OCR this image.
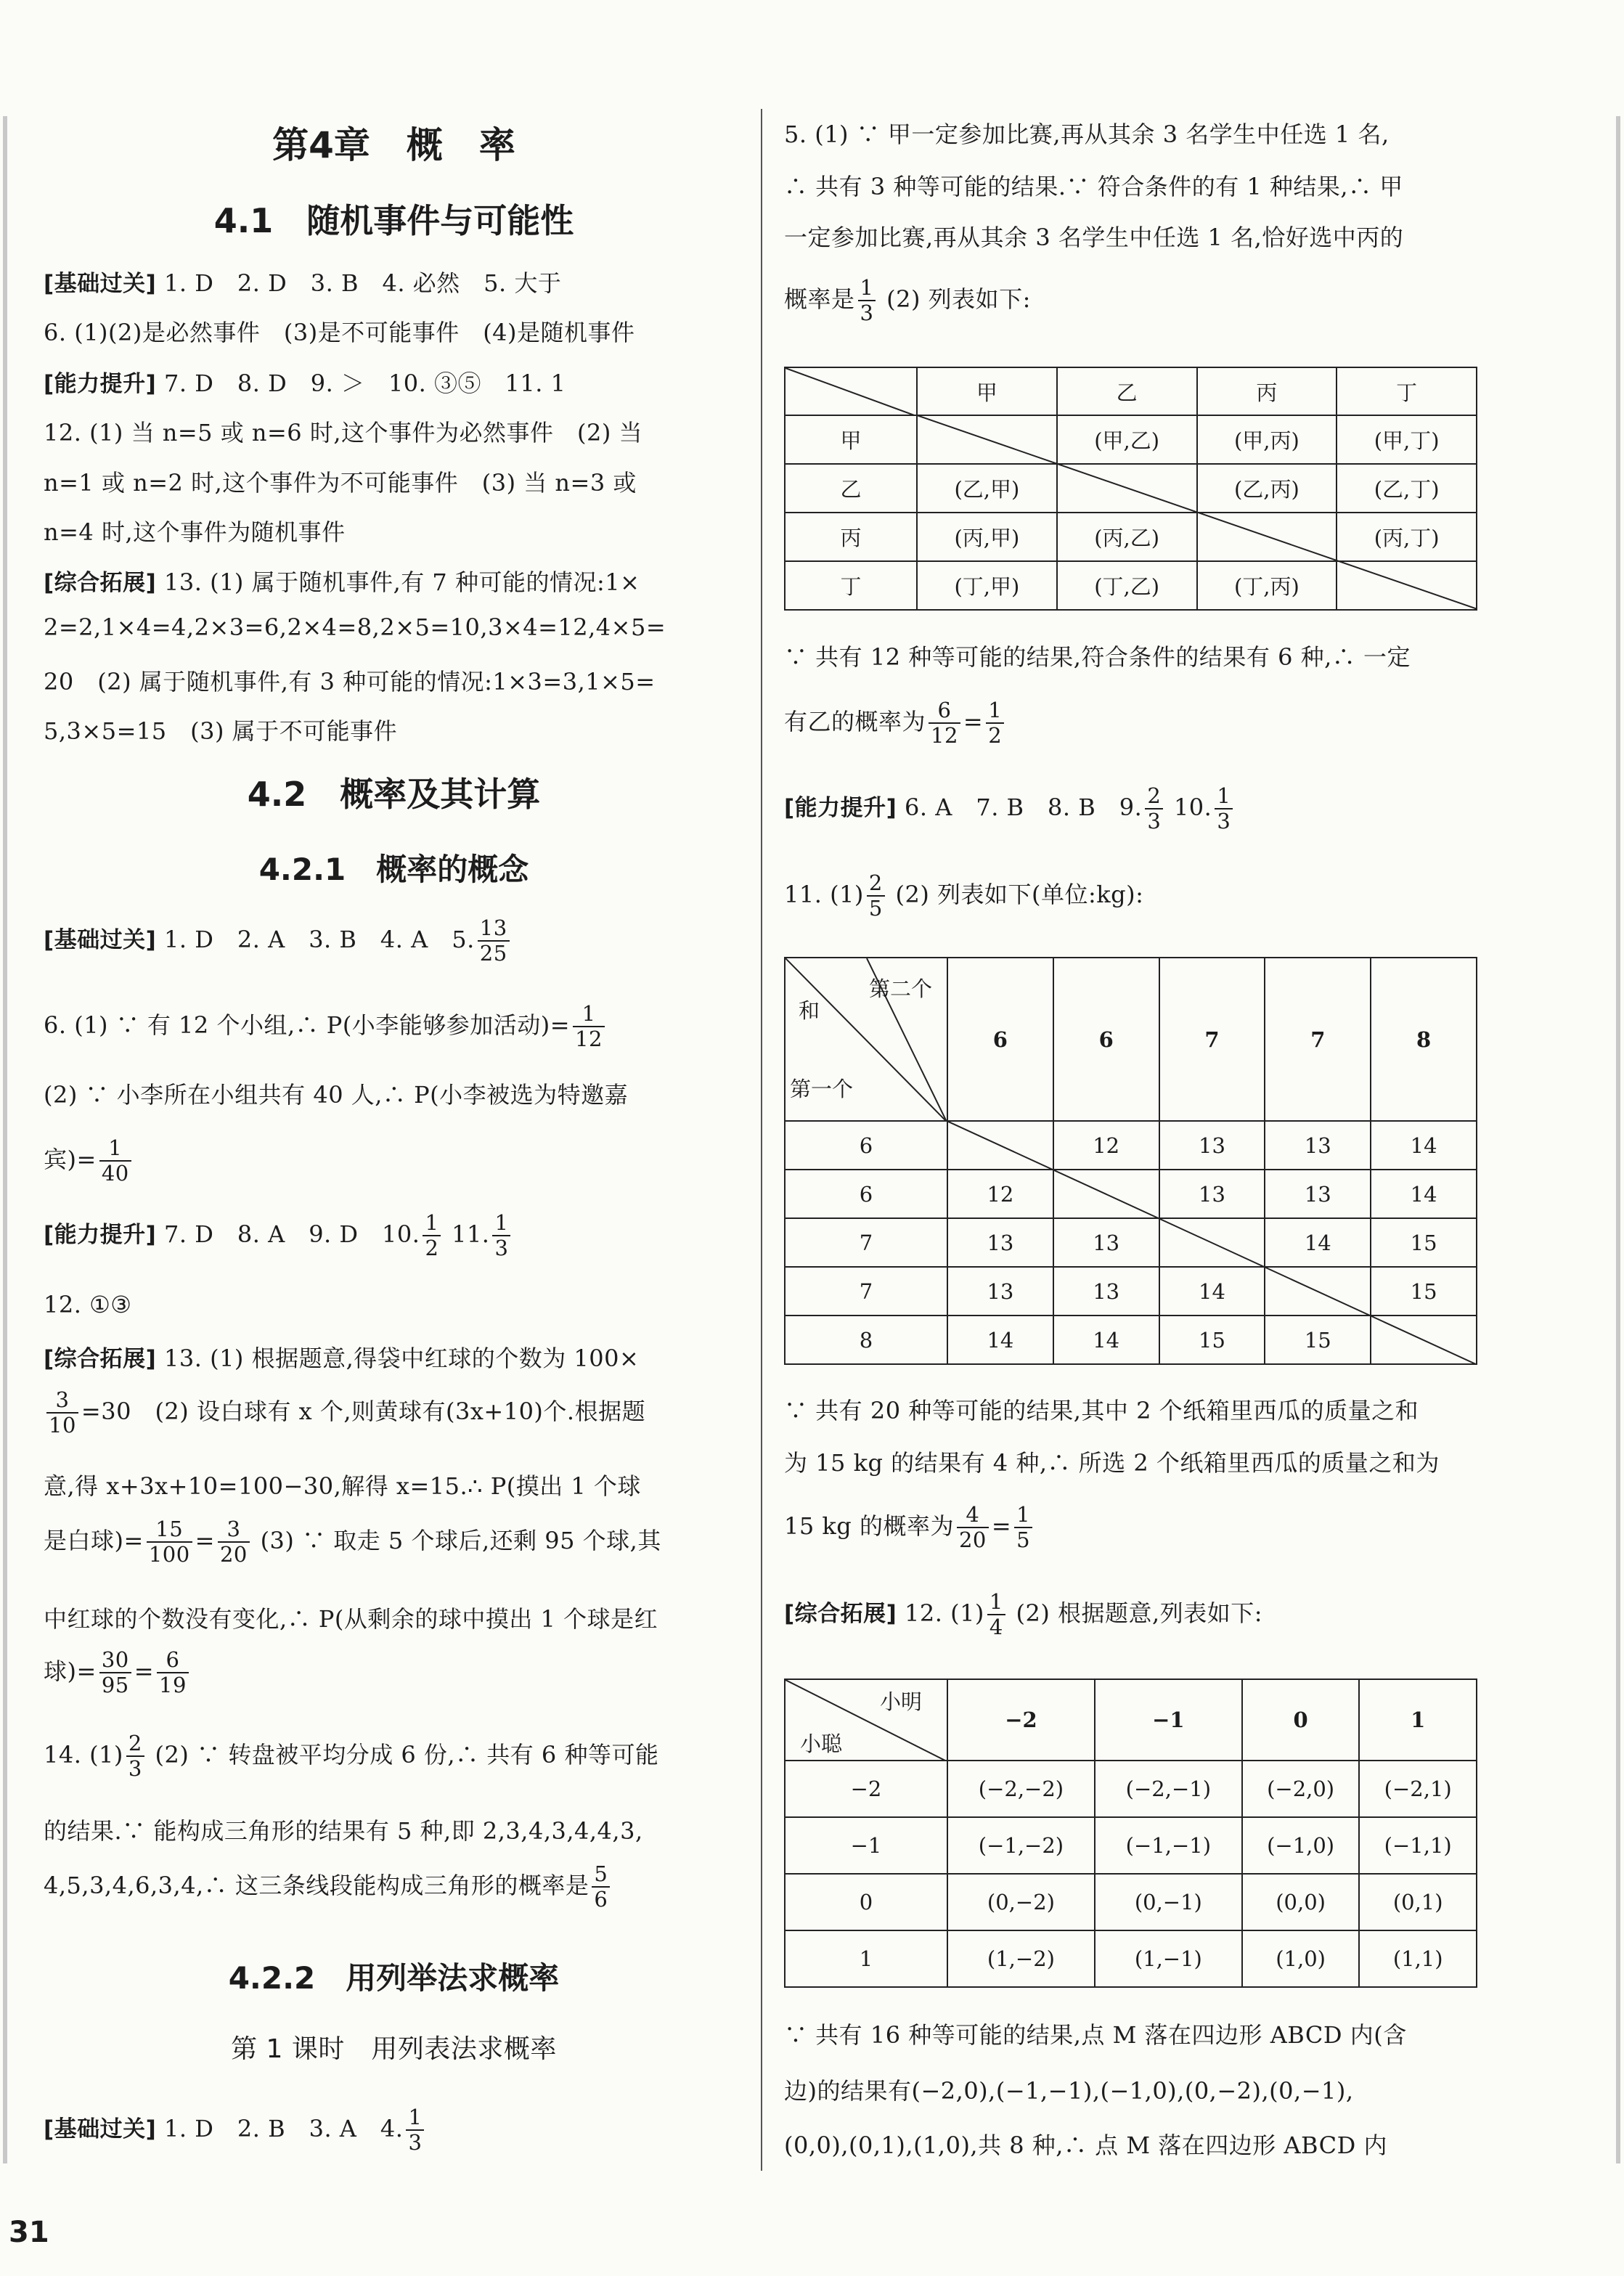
第4章　概　率
4.1　随机事件与可能性
[基础过关] 1. D　2. D　3. B　4. 必然　5. 大于
6. (1)(2)是必然事件　(3)是不可能事件　(4)是随机事件
[能力提升] 7. D　8. D　9. ＞　10. ③⑤　11. 1
12. (1) 当 n=5 或 n=6 时,这个事件为必然事件　(2) 当
n=1 或 n=2 时,这个事件为不可能事件　(3) 当 n=3 或
n=4 时,这个事件为随机事件
[综合拓展] 13. (1) 属于随机事件,有 7 种可能的情况:1×
2=2,1×4=4,2×3=6,2×4=8,2×5=10,3×4=12,4×5=
20　(2) 属于随机事件,有 3 种可能的情况:1×3=3,1×5=
5,3×5=15　(3) 属于不可能事件
4.2　概率及其计算
4.2.1　概率的概念
[基础过关] 1. D　2. A　3. B　4. A　5. $\frac{13}{25}$
6. (1) ∵ 有 12 个小组,∴ P(小李能够参加活动)= $\frac{1}{12}$
(2) ∵ 小李所在小组共有 40 人,∴ P(小李被选为特邀嘉
宾)= $\frac{1}{40}$
[能力提升] 7. D　8. A　9. D　10. $\frac{1}{2} 11$. $\frac{1}{3}$
12. ①③
[综合拓展] 13. (1) 根据题意,得袋中红球的个数为 100×
$\frac{3}{10} =30$　(2) 设白球有 x 个,则黄球有(3x+10)个.根据题
意,得 x+3x+10=100−30,解得 x=15.∴ P(摸出 1 个球
是白球)= $\frac{15}{100} = \frac{3}{20} (3)$ ∵ 取走 5 个球后,还剩 95 个球,其
中红球的个数没有变化,∴ P(从剩余的球中摸出 1 个球是红
球)= $\frac{30}{95} = \frac{6}{19}$
14. $(1) \frac{2}{3} (2)$ ∵ 转盘被平均分成 6 份,∴ 共有 6 种等可能
的结果.∵ 能构成三角形的结果有 5 种,即 2,3,4,3,4,4,3,
4,5,3,4,6,3,4,∴ 这三条线段能构成三角形的概率是 $\frac{5}{6}$
4.2.2　用列举法求概率
第 1 课时　用列表法求概率
[基础过关] 1. D　2. B　3. A　4. $\frac{1}{3}$
5. (1) ∵ 甲一定参加比赛,再从其余 3 名学生中任选 1 名,
∴ 共有 3 种等可能的结果.∵ 符合条件的有 1 种结果,∴ 甲
一定参加比赛,再从其余 3 名学生中任选 1 名,恰好选中丙的
概率是 $\frac{1}{3} (2)$ 列表如下:
	甲	乙	丙	丁
甲		(甲,乙)	(甲,丙)	(甲,丁)
乙	(乙,甲)		(乙,丙)	(乙,丁)
丙	(丙,甲)	(丙,乙)		(丙,丁)
丁	(丁,甲)	(丁,乙)	(丁,丙)	
∵ 共有 12 种等可能的结果,符合条件的结果有 6 种,∴ 一定
有乙的概率为 $\frac{6}{12} = \frac{1}{2}$
[能力提升] 6. A　7. B　8. B　9. $\frac{2}{3} 10$. $\frac{1}{3}$
11. $(1) \frac{2}{5} (2)$ 列表如下(单位:kg):
第二个
和
第一个	6	6	7	7	8
6		12	13	13	14
6	12		13	13	14
7	13	13		14	15
7	13	13	14		15
8	14	14	15	15	
∵ 共有 20 种等可能的结果,其中 2 个纸箱里西瓜的质量之和
为 15 kg 的结果有 4 种,∴ 所选 2 个纸箱里西瓜的质量之和为
15 kg 的概率为 $\frac{4}{20} = \frac{1}{5}$
[综合拓展] 12. $(1) \frac{1}{4} (2)$ 根据题意,列表如下:
小明
小聪	−2	−1	0	1
−2	(−2,−2)	(−2,−1)	(−2,0)	(−2,1)
−1	(−1,−2)	(−1,−1)	(−1,0)	(−1,1)
0	(0,−2)	(0,−1)	(0,0)	(0,1)
1	(1,−2)	(1,−1)	(1,0)	(1,1)
∵ 共有 16 种等可能的结果,点 M 落在四边形 ABCD 内(含
边)的结果有(−2,0),(−1,−1),(−1,0),(0,−2),(0,−1),
(0,0),(0,1),(1,0),共 8 种,∴ 点 M 落在四边形 ABCD 内
31
